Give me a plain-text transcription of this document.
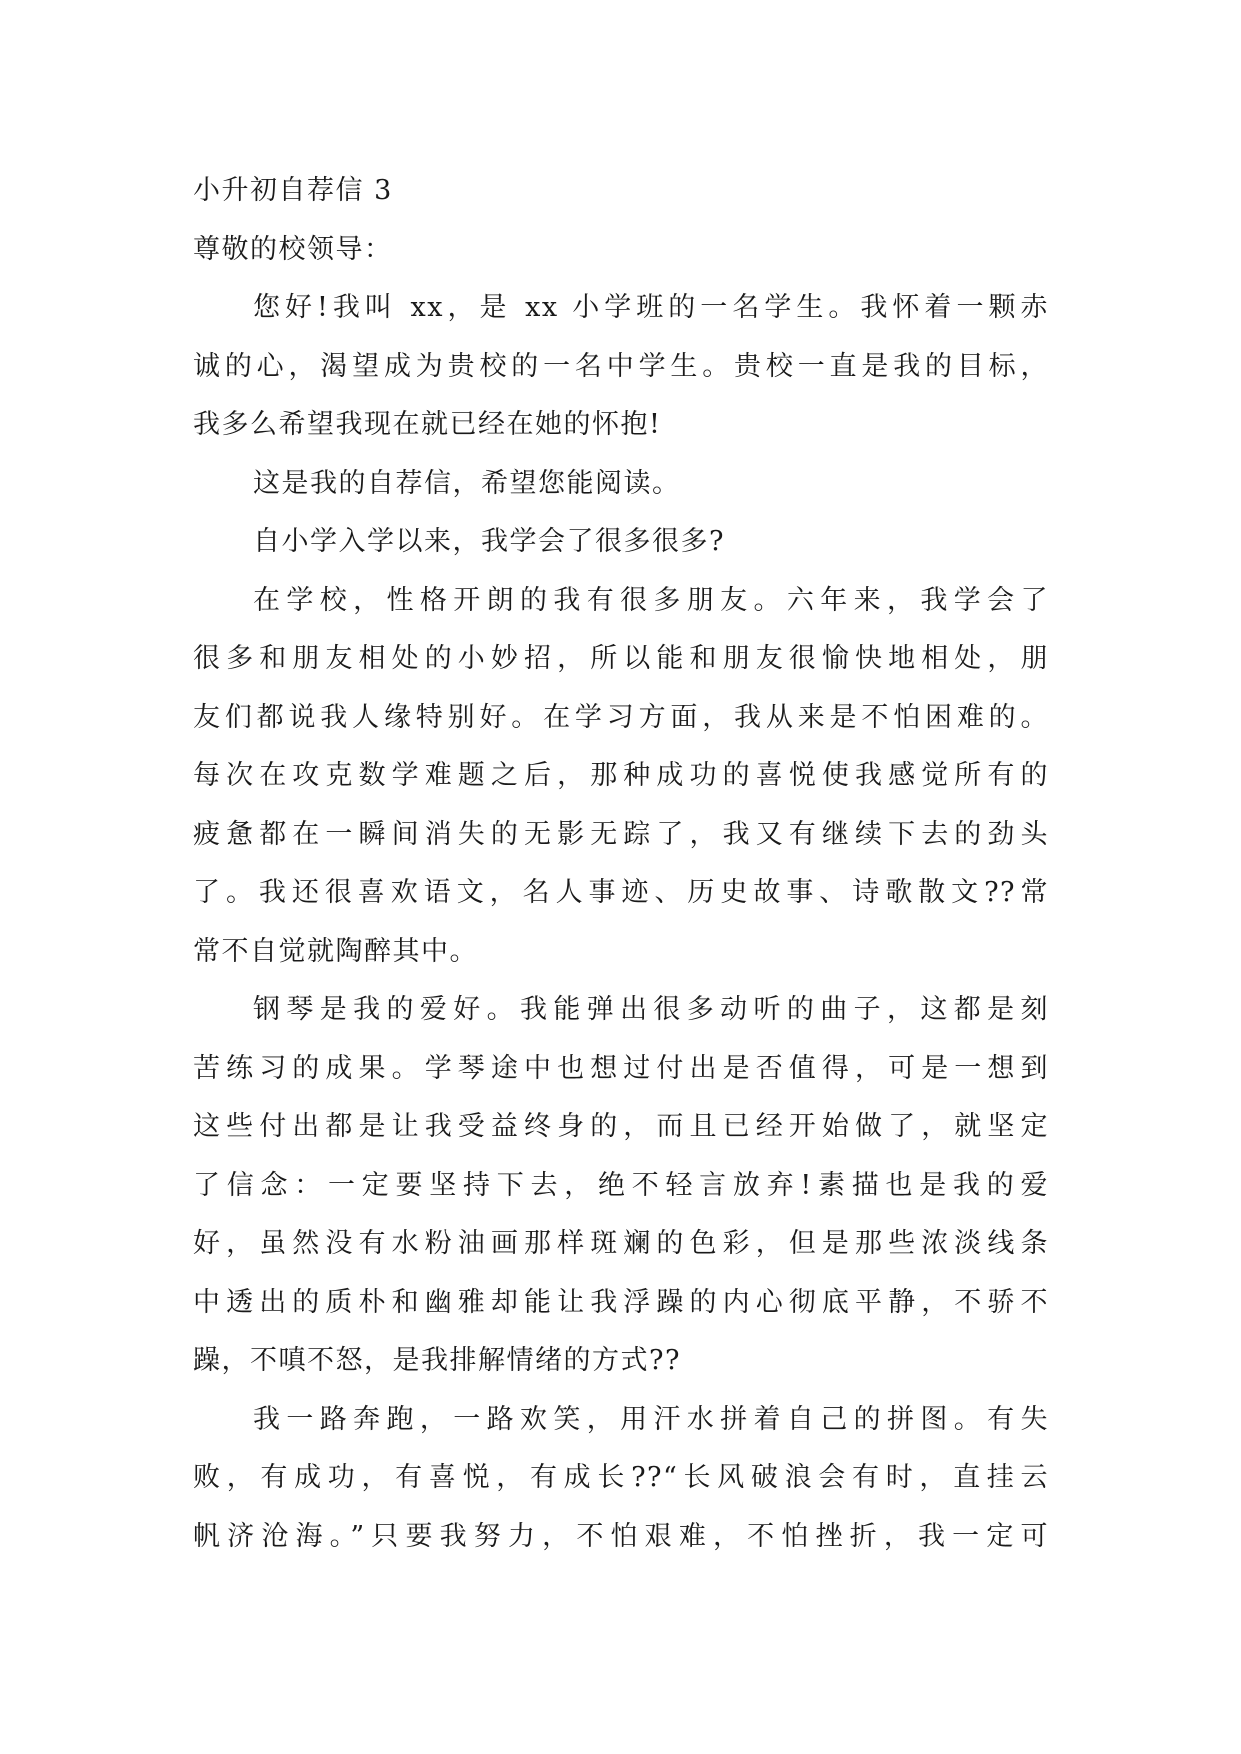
小升初自荐信 3
尊敬的校领导：
您好!我叫 xx，是 xx 小学班的一名学生。我怀着一颗赤
诚的心，渴望成为贵校的一名中学生。贵校一直是我的目标，
我多么希望我现在就已经在她的怀抱!
这是我的自荐信，希望您能阅读。
自小学入学以来，我学会了很多很多?
在学校，性格开朗的我有很多朋友。六年来，我学会了
很多和朋友相处的小妙招，所以能和朋友很愉快地相处，朋
友们都说我人缘特别好。在学习方面，我从来是不怕困难的。
每次在攻克数学难题之后，那种成功的喜悦使我感觉所有的
疲惫都在一瞬间消失的无影无踪了，我又有继续下去的劲头
了。我还很喜欢语文，名人事迹、历史故事、诗歌散文??常
常不自觉就陶醉其中。
钢琴是我的爱好。我能弹出很多动听的曲子，这都是刻
苦练习的成果。学琴途中也想过付出是否值得，可是一想到
这些付出都是让我受益终身的，而且已经开始做了，就坚定
了信念：一定要坚持下去，绝不轻言放弃!素描也是我的爱
好，虽然没有水粉油画那样斑斓的色彩，但是那些浓淡线条
中透出的质朴和幽雅却能让我浮躁的内心彻底平静，不骄不
躁，不嗔不怒，是我排解情绪的方式??
我一路奔跑，一路欢笑，用汗水拼着自己的拼图。有失
败，有成功，有喜悦，有成长??“长风破浪会有时，直挂云
帆济沧海。”只要我努力，不怕艰难，不怕挫折，我一定可
